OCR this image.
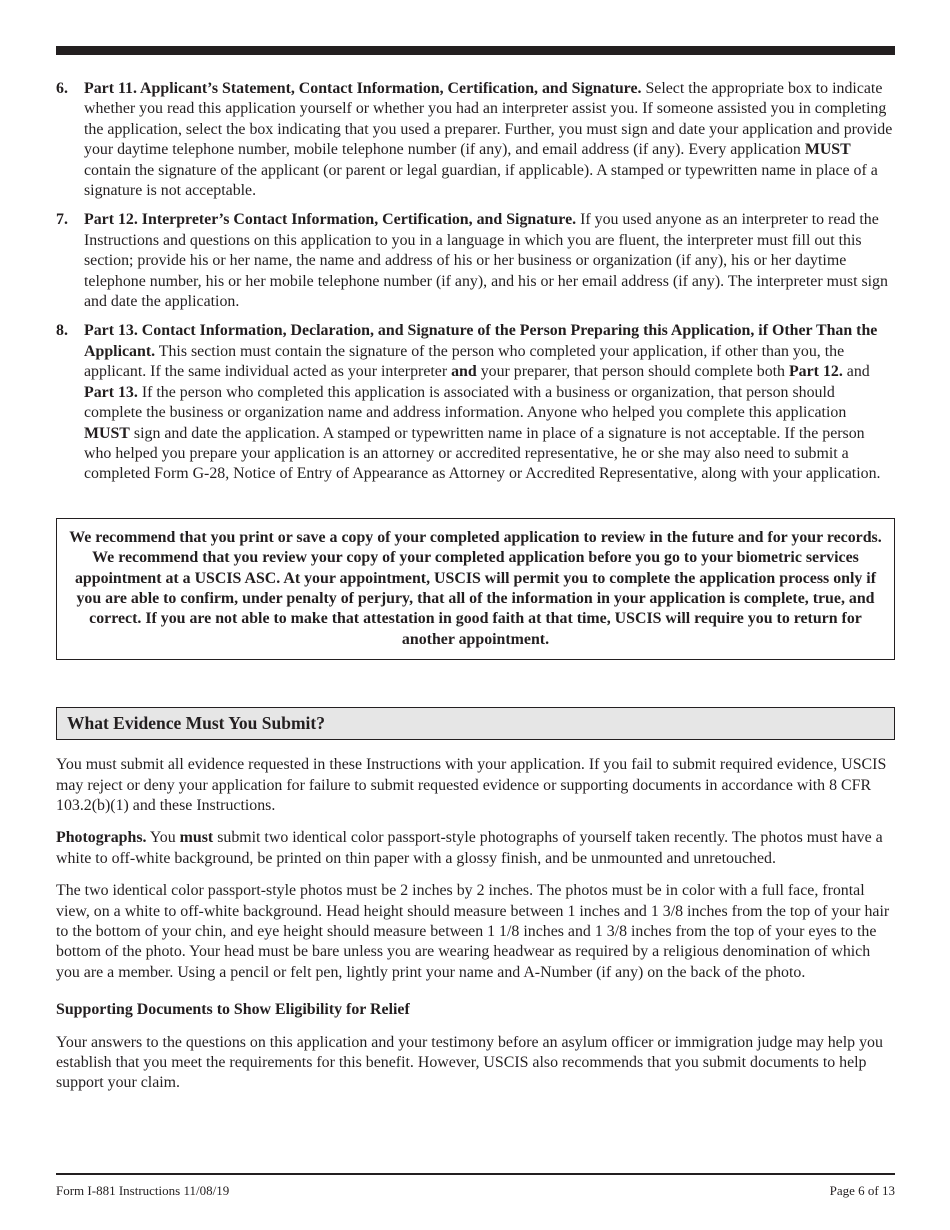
6.	Part 11. Applicant’s Statement, Contact Information, Certification, and Signature. Select the appropriate box to indicate whether you read this application yourself or whether you had an interpreter assist you. If someone assisted you in completing the application, select the box indicating that you used a preparer. Further, you must sign and date your application and provide your daytime telephone number, mobile telephone number (if any), and email address (if any). Every application MUST contain the signature of the applicant (or parent or legal guardian, if applicable). A stamped or typewritten name in place of a signature is not acceptable.
7.	Part 12. Interpreter’s Contact Information, Certification, and Signature. If you used anyone as an interpreter to read the Instructions and questions on this application to you in a language in which you are fluent, the interpreter must fill out this section; provide his or her name, the name and address of his or her business or organization (if any), his or her daytime telephone number, his or her mobile telephone number (if any), and his or her email address (if any). The interpreter must sign and date the application.
8.	Part 13. Contact Information, Declaration, and Signature of the Person Preparing this Application, if Other Than the Applicant. This section must contain the signature of the person who completed your application, if other than you, the applicant. If the same individual acted as your interpreter and your preparer, that person should complete both Part 12. and Part 13. If the person who completed this application is associated with a business or organization, that person should complete the business or organization name and address information. Anyone who helped you complete this application MUST sign and date the application. A stamped or typewritten name in place of a signature is not acceptable. If the person who helped you prepare your application is an attorney or accredited representative, he or she may also need to submit a completed Form G-28, Notice of Entry of Appearance as Attorney or Accredited Representative, along with your application.
We recommend that you print or save a copy of your completed application to review in the future and for your records. We recommend that you review your copy of your completed application before you go to your biometric services appointment at a USCIS ASC. At your appointment, USCIS will permit you to complete the application process only if you are able to confirm, under penalty of perjury, that all of the information in your application is complete, true, and correct. If you are not able to make that attestation in good faith at that time, USCIS will require you to return for another appointment.
What Evidence Must You Submit?
You must submit all evidence requested in these Instructions with your application. If you fail to submit required evidence, USCIS may reject or deny your application for failure to submit requested evidence or supporting documents in accordance with 8 CFR 103.2(b)(1) and these Instructions.
Photographs. You must submit two identical color passport-style photographs of yourself taken recently. The photos must have a white to off-white background, be printed on thin paper with a glossy finish, and be unmounted and unretouched.
The two identical color passport-style photos must be 2 inches by 2 inches. The photos must be in color with a full face, frontal view, on a white to off-white background. Head height should measure between 1 inches and 1 3/8 inches from the top of your hair to the bottom of your chin, and eye height should measure between 1 1/8 inches and 1 3/8 inches from the top of your eyes to the bottom of the photo. Your head must be bare unless you are wearing headwear as required by a religious denomination of which you are a member. Using a pencil or felt pen, lightly print your name and A-Number (if any) on the back of the photo.
Supporting Documents to Show Eligibility for Relief
Your answers to the questions on this application and your testimony before an asylum officer or immigration judge may help you establish that you meet the requirements for this benefit. However, USCIS also recommends that you submit documents to help support your claim.
Form I-881 Instructions 11/08/19	Page 6 of 13
